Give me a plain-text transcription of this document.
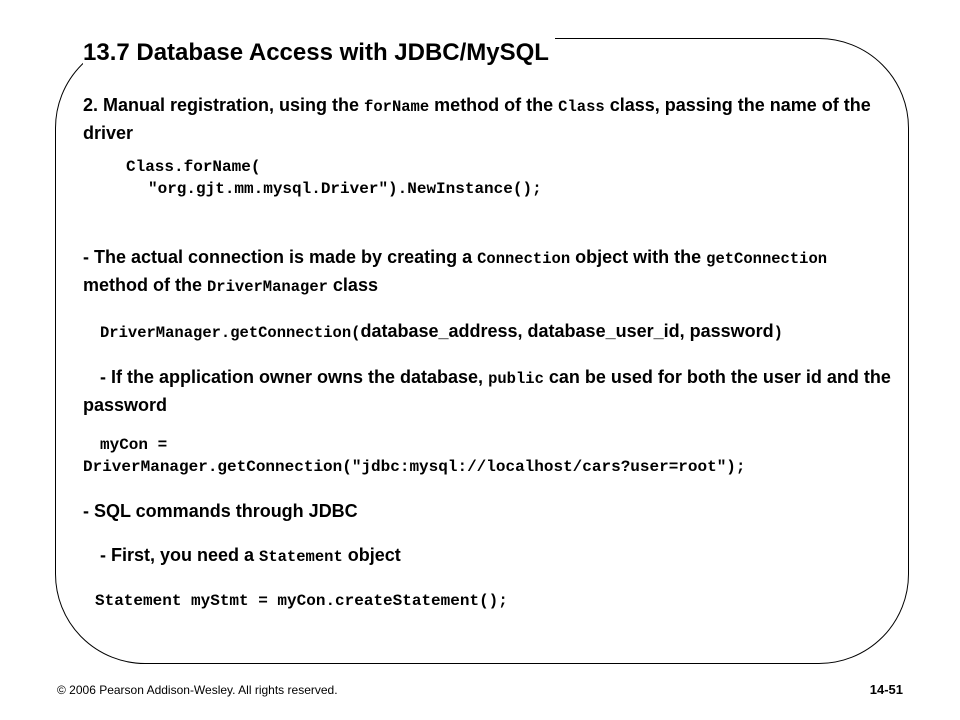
13.7 Database Access with JDBC/MySQL

2. Manual registration, using the forName method of the Class class, passing the name of the driver

Class.forName(

"org.gjt.mm.mysql.Driver").NewInstance();

- The actual connection is made by creating a Connection object with the getConnection method of the DriverManager class

DriverManager.getConnection(database_address, database_user_id, password)

- If the application owner owns the database, public can be used for both the user id and the password

myCon =

DriverManager.getConnection("jdbc:mysql://localhost/cars?user=root");

- SQL commands through JDBC

- First, you need a Statement object

Statement myStmt = myCon.createStatement();

© 2006 Pearson Addison-Wesley. All rights reserved.	14-51
